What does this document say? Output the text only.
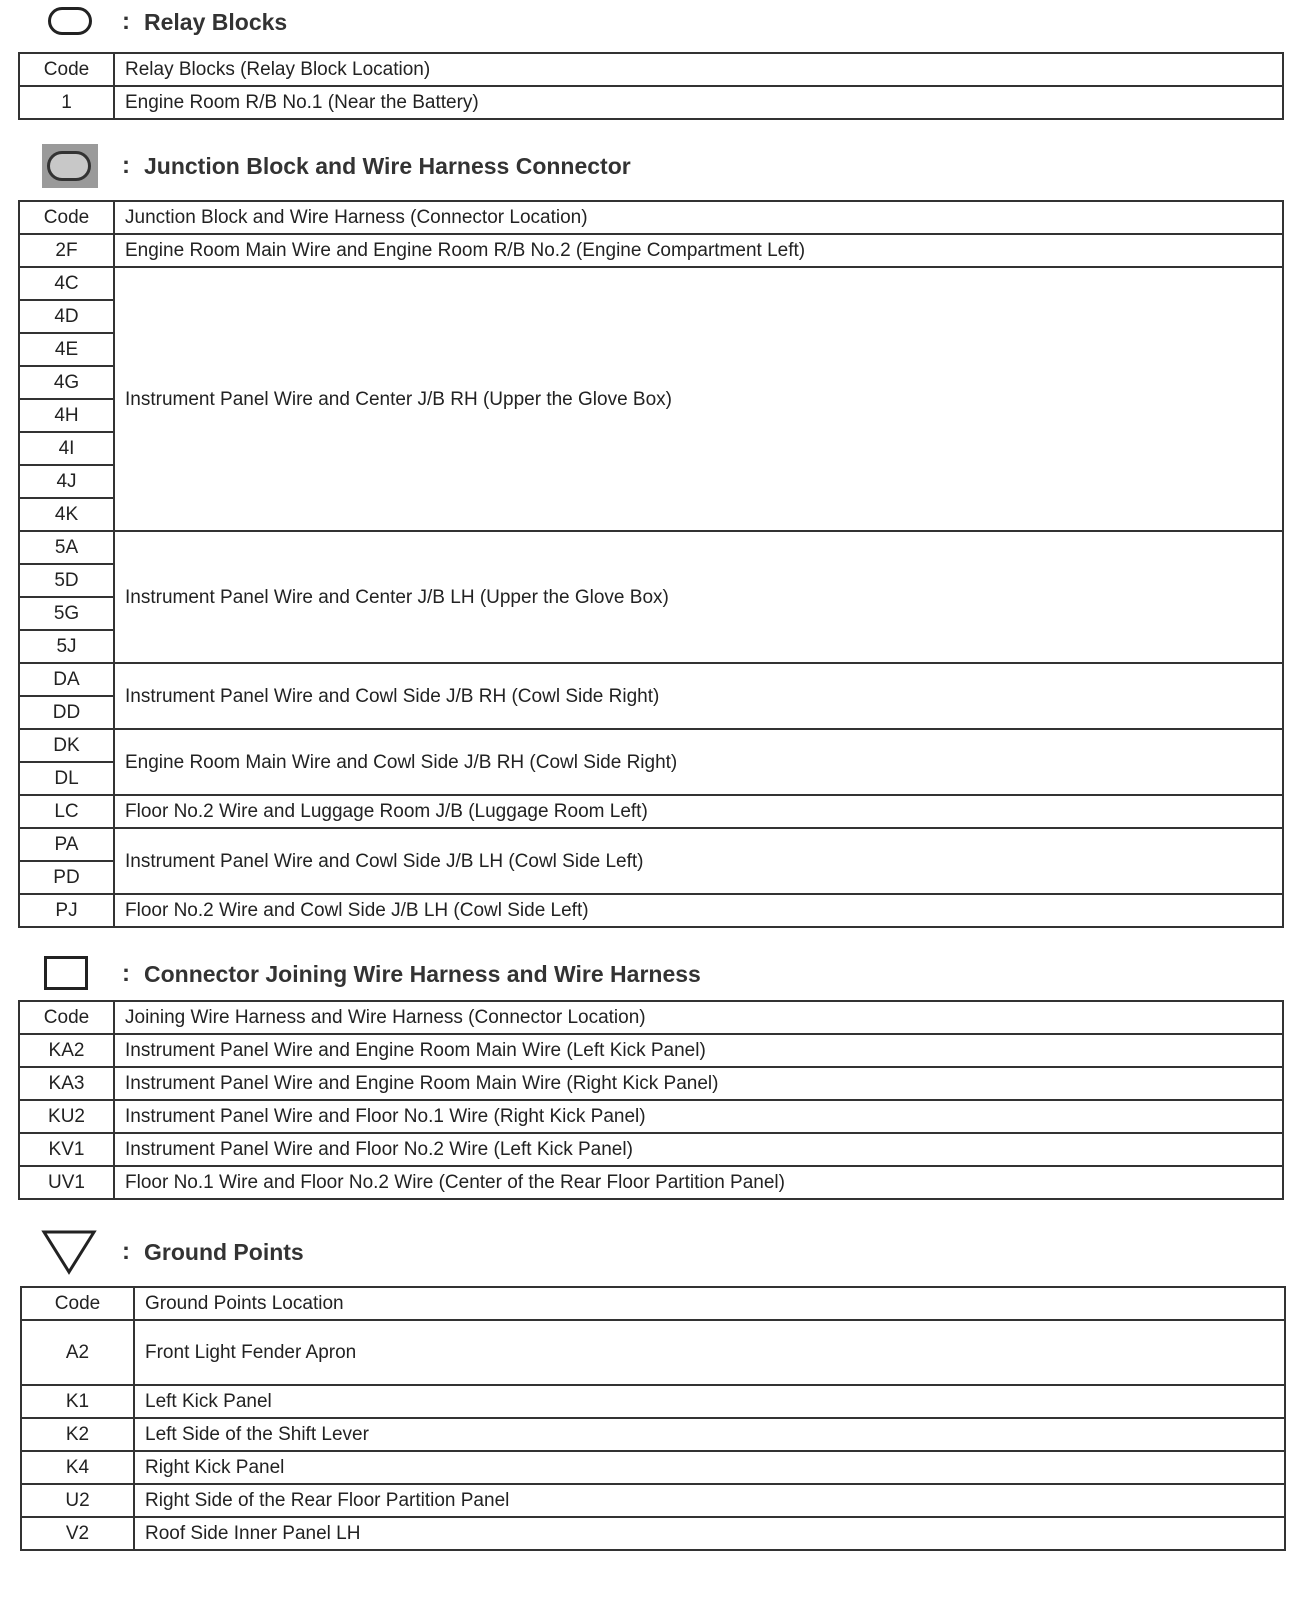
: Relay Blocks
Code	Relay Blocks (Relay Block Location)
1	Engine Room R/B No.1 (Near the Battery)
: Junction Block and Wire Harness Connector
Code	Junction Block and Wire Harness (Connector Location)
2F	Engine Room Main Wire and Engine Room R/B No.2 (Engine Compartment Left)
4C	Instrument Panel Wire and Center J/B RH (Upper the Glove Box)
4D	
4E	
4G	
4H	
4I	
4J	
4K	
5A	Instrument Panel Wire and Center J/B LH (Upper the Glove Box)
5D	
5G	
5J	
DA	Instrument Panel Wire and Cowl Side J/B RH (Cowl Side Right)
DD	
DK	Engine Room Main Wire and Cowl Side J/B RH (Cowl Side Right)
DL	
LC	Floor No.2 Wire and Luggage Room J/B (Luggage Room Left)
PA	Instrument Panel Wire and Cowl Side J/B LH (Cowl Side Left)
PD	
PJ	Floor No.2 Wire and Cowl Side J/B LH (Cowl Side Left)
: Connector Joining Wire Harness and Wire Harness
Code	Joining Wire Harness and Wire Harness (Connector Location)
KA2	Instrument Panel Wire and Engine Room Main Wire (Left Kick Panel)
KA3	Instrument Panel Wire and Engine Room Main Wire (Right Kick Panel)
KU2	Instrument Panel Wire and Floor No.1 Wire (Right Kick Panel)
KV1	Instrument Panel Wire and Floor No.2 Wire (Left Kick Panel)
UV1	Floor No.1 Wire and Floor No.2 Wire (Center of the Rear Floor Partition Panel)
: Ground Points
Code	Ground Points Location
A2	Front Light Fender Apron
K1	Left Kick Panel
K2	Left Side of the Shift Lever
K4	Right Kick Panel
U2	Right Side of the Rear Floor Partition Panel
V2	Roof Side Inner Panel LH
